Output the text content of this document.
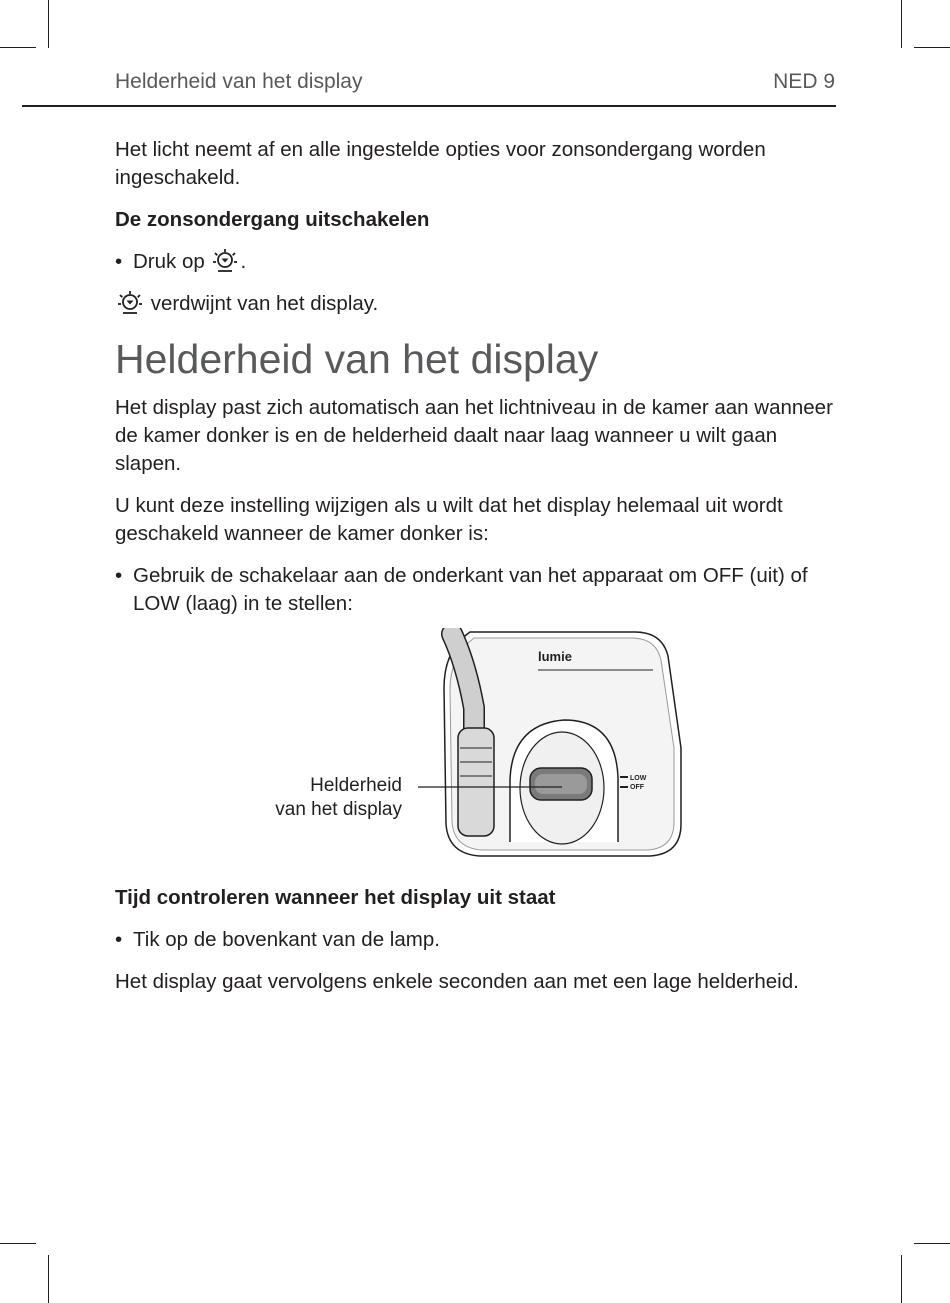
Helderheid van het display	NED 9

Het licht neemt af en alle ingestelde opties voor zonsondergang worden ingeschakeld.

De zonsondergang uitschakelen
• Druk op .

verdwijnt van het display.

Helderheid van het display

Het display past zich automatisch aan het lichtniveau in de kamer aan wanneer de kamer donker is en de helderheid daalt naar laag wanneer u wilt gaan slapen.

U kunt deze instelling wijzigen als u wilt dat het display helemaal uit wordt geschakeld wanneer de kamer donker is:

• Gebruik de schakelaar aan de onderkant van het apparaat om OFF (uit) of LOW (laag) in te stellen:
Helderheid
van het display
lumie
LOW
OFF
Tijd controleren wanneer het display uit staat
• Tik op de bovenkant van de lamp.

Het display gaat vervolgens enkele seconden aan met een lage helderheid.
